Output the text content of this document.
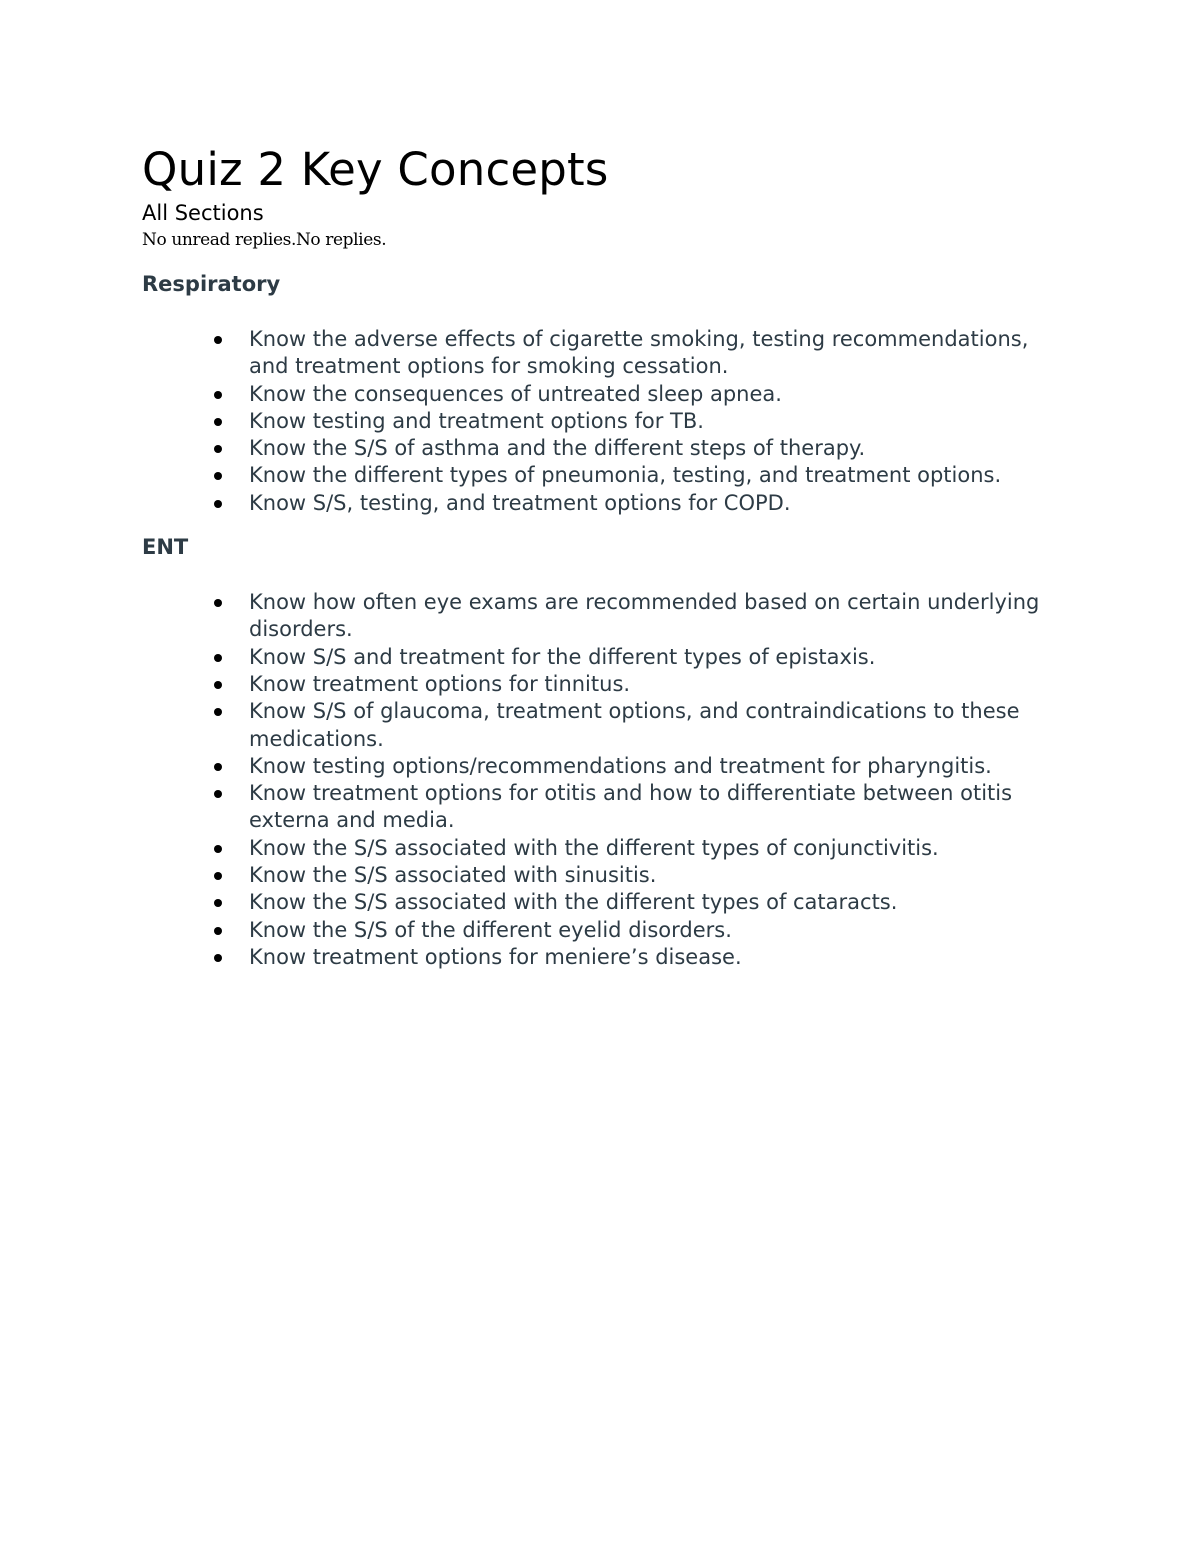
Quiz 2 Key Concepts
All Sections
No unread replies.No replies.
Respiratory
Know the adverse effects of cigarette smoking, testing recommendations, and treatment options for smoking cessation.
Know the consequences of untreated sleep apnea.
Know testing and treatment options for TB.
Know the S/S of asthma and the different steps of therapy.
Know the different types of pneumonia, testing, and treatment options.
Know S/S, testing, and treatment options for COPD.
ENT
Know how often eye exams are recommended based on certain underlying disorders.
Know S/S and treatment for the different types of epistaxis.
Know treatment options for tinnitus.
Know S/S of glaucoma, treatment options, and contraindications to these medications.
Know testing options/recommendations and treatment for pharyngitis.
Know treatment options for otitis and how to differentiate between otitis externa and media.
Know the S/S associated with the different types of conjunctivitis.
Know the S/S associated with sinusitis.
Know the S/S associated with the different types of cataracts.
Know the S/S of the different eyelid disorders.
Know treatment options for meniere’s disease.
